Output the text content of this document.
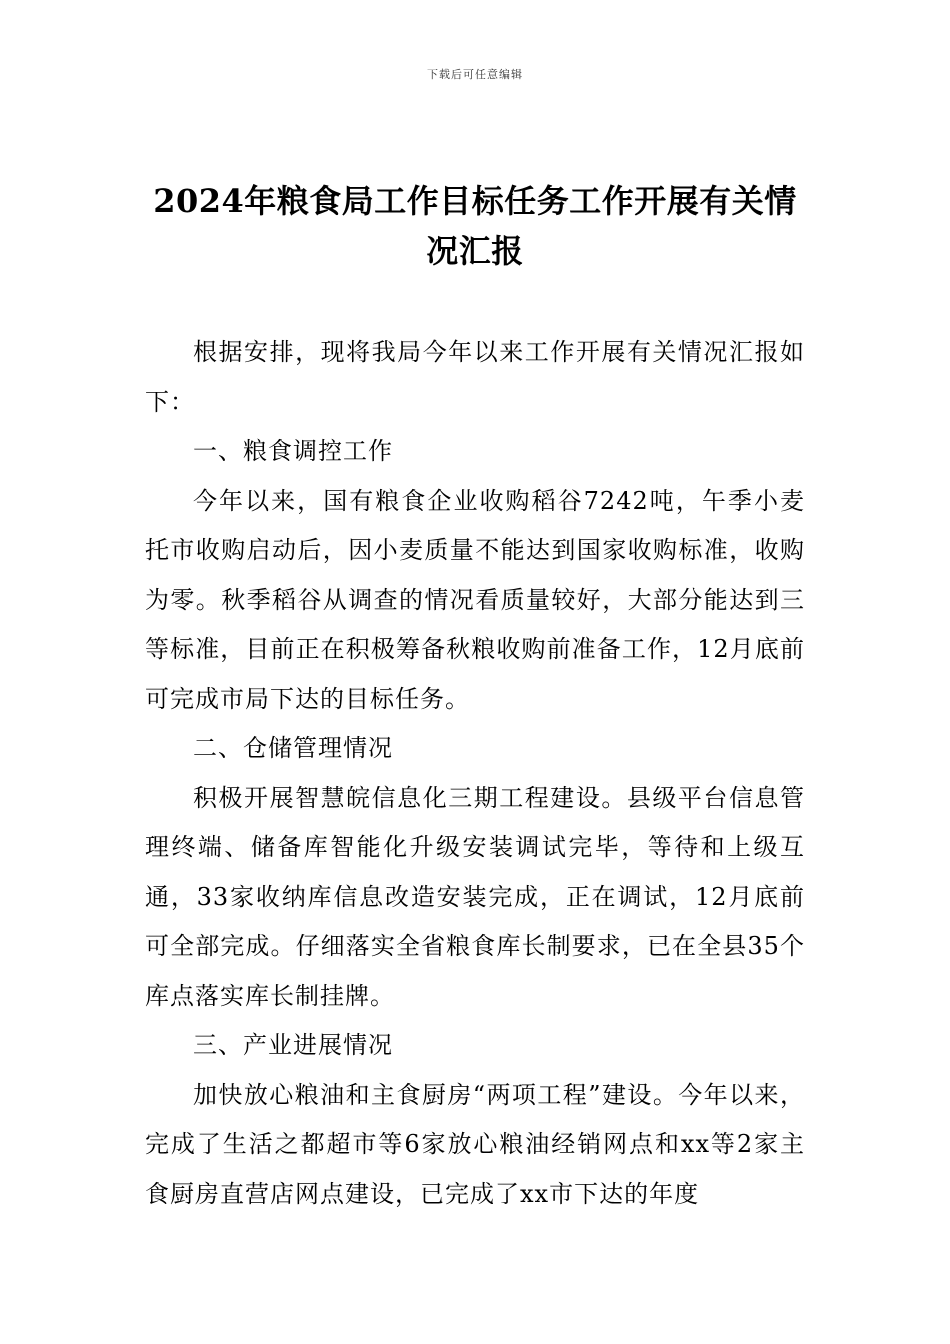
下载后可任意编辑
2024年粮食局工作目标任务工作开展有关情况汇报

根据安排，现将我局今年以来工作开展有关情况汇报如下：

一、粮食调控工作

今年以来，国有粮食企业收购稻谷7242吨，午季小麦托市收购启动后，因小麦质量不能达到国家收购标准，收购为零。秋季稻谷从调查的情况看质量较好，大部分能达到三等标准，目前正在积极筹备秋粮收购前准备工作，12月底前可完成市局下达的目标任务。

二、仓储管理情况

积极开展智慧皖信息化三期工程建设。县级平台信息管理终端、储备库智能化升级安装调试完毕，等待和上级互通，33家收纳库信息改造安装完成，正在调试，12月底前可全部完成。仔细落实全省粮食库长制要求，已在全县35个库点落实库长制挂牌。

三、产业进展情况

加快放心粮油和主食厨房“两项工程”建设。今年以来，完成了生活之都超市等6家放心粮油经销网点和xx等2家主食厨房直营店网点建设，已完成了xx市下达的年度
